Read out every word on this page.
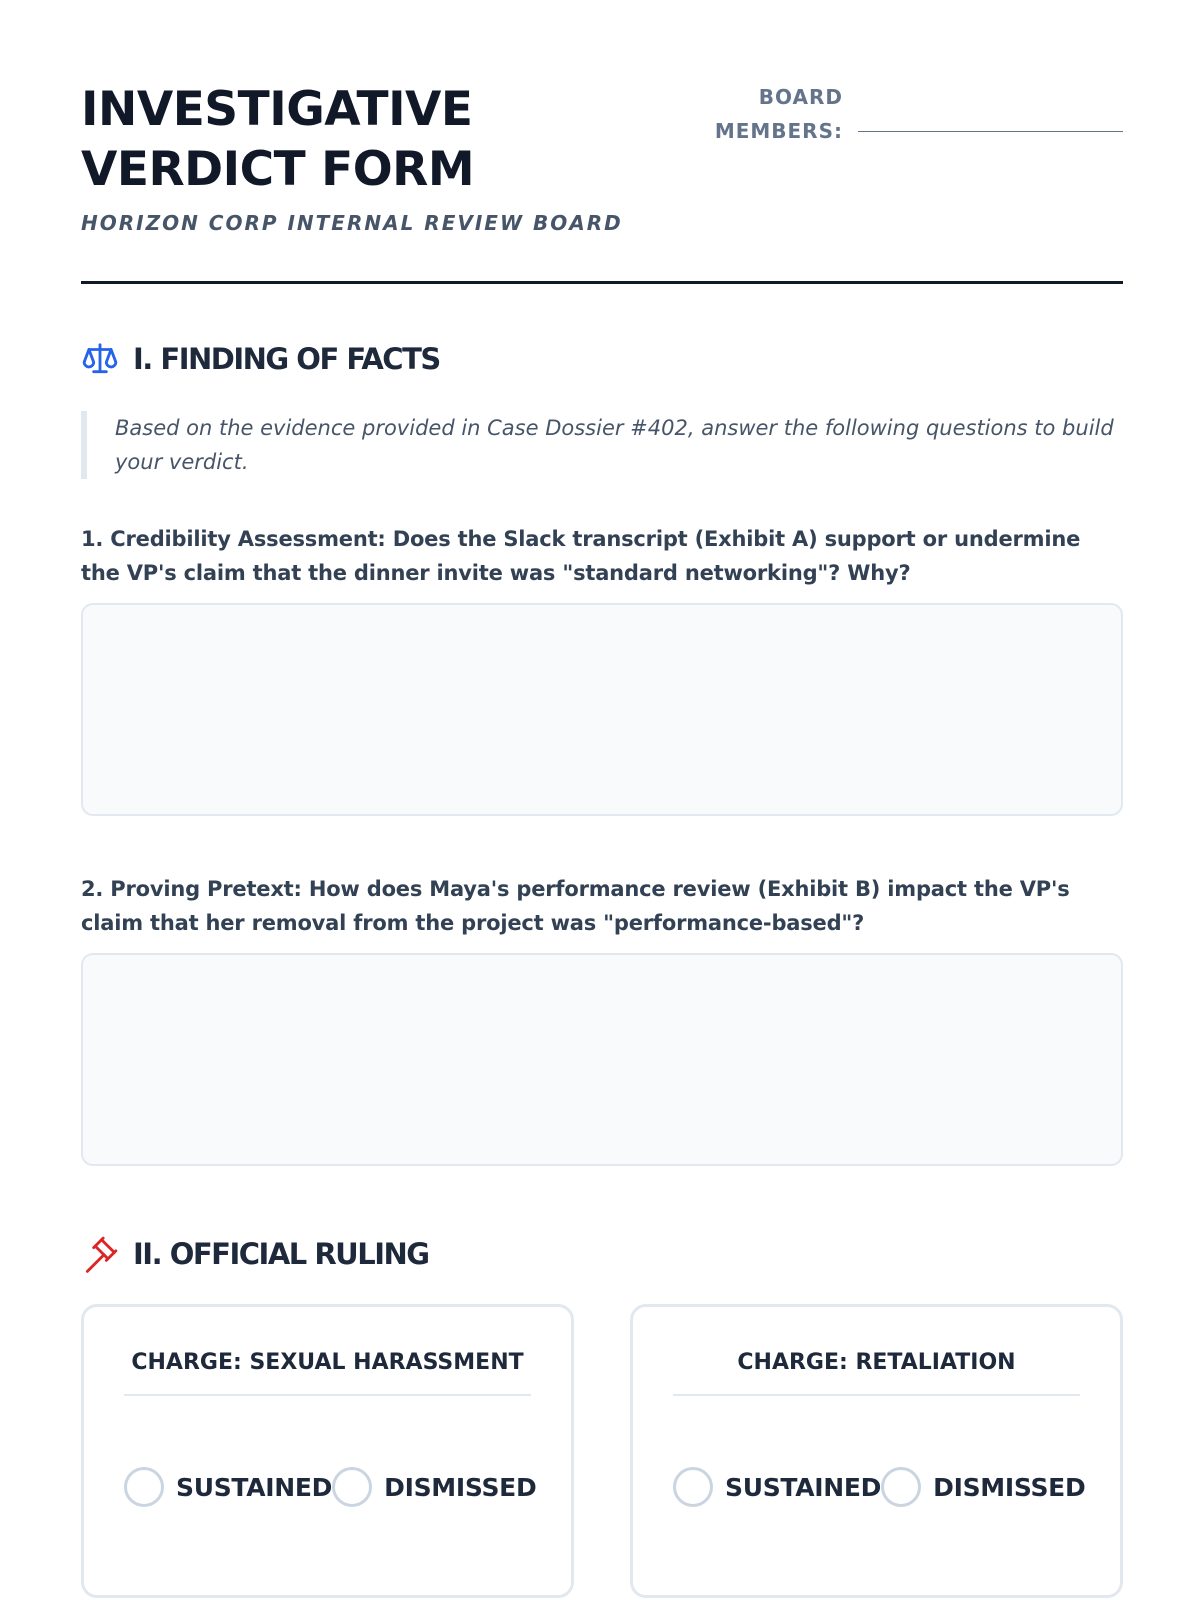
INVESTIGATIVE
VERDICT FORM
HORIZON CORP INTERNAL REVIEW BOARD
BOARD
MEMBERS:
I. FINDING OF FACTS
Based on the evidence provided in Case Dossier #402, answer the following questions to build your verdict.
1. Credibility Assessment: Does the Slack transcript (Exhibit A) support or undermine the VP's claim that the dinner invite was "standard networking"? Why?
2. Proving Pretext: How does Maya's performance review (Exhibit B) impact the VP's claim that her removal from the project was "performance-based"?
II. OFFICIAL RULING
CHARGE: SEXUAL HARASSMENT
SUSTAINED DISMISSED
CHARGE: RETALIATION
SUSTAINED DISMISSED
